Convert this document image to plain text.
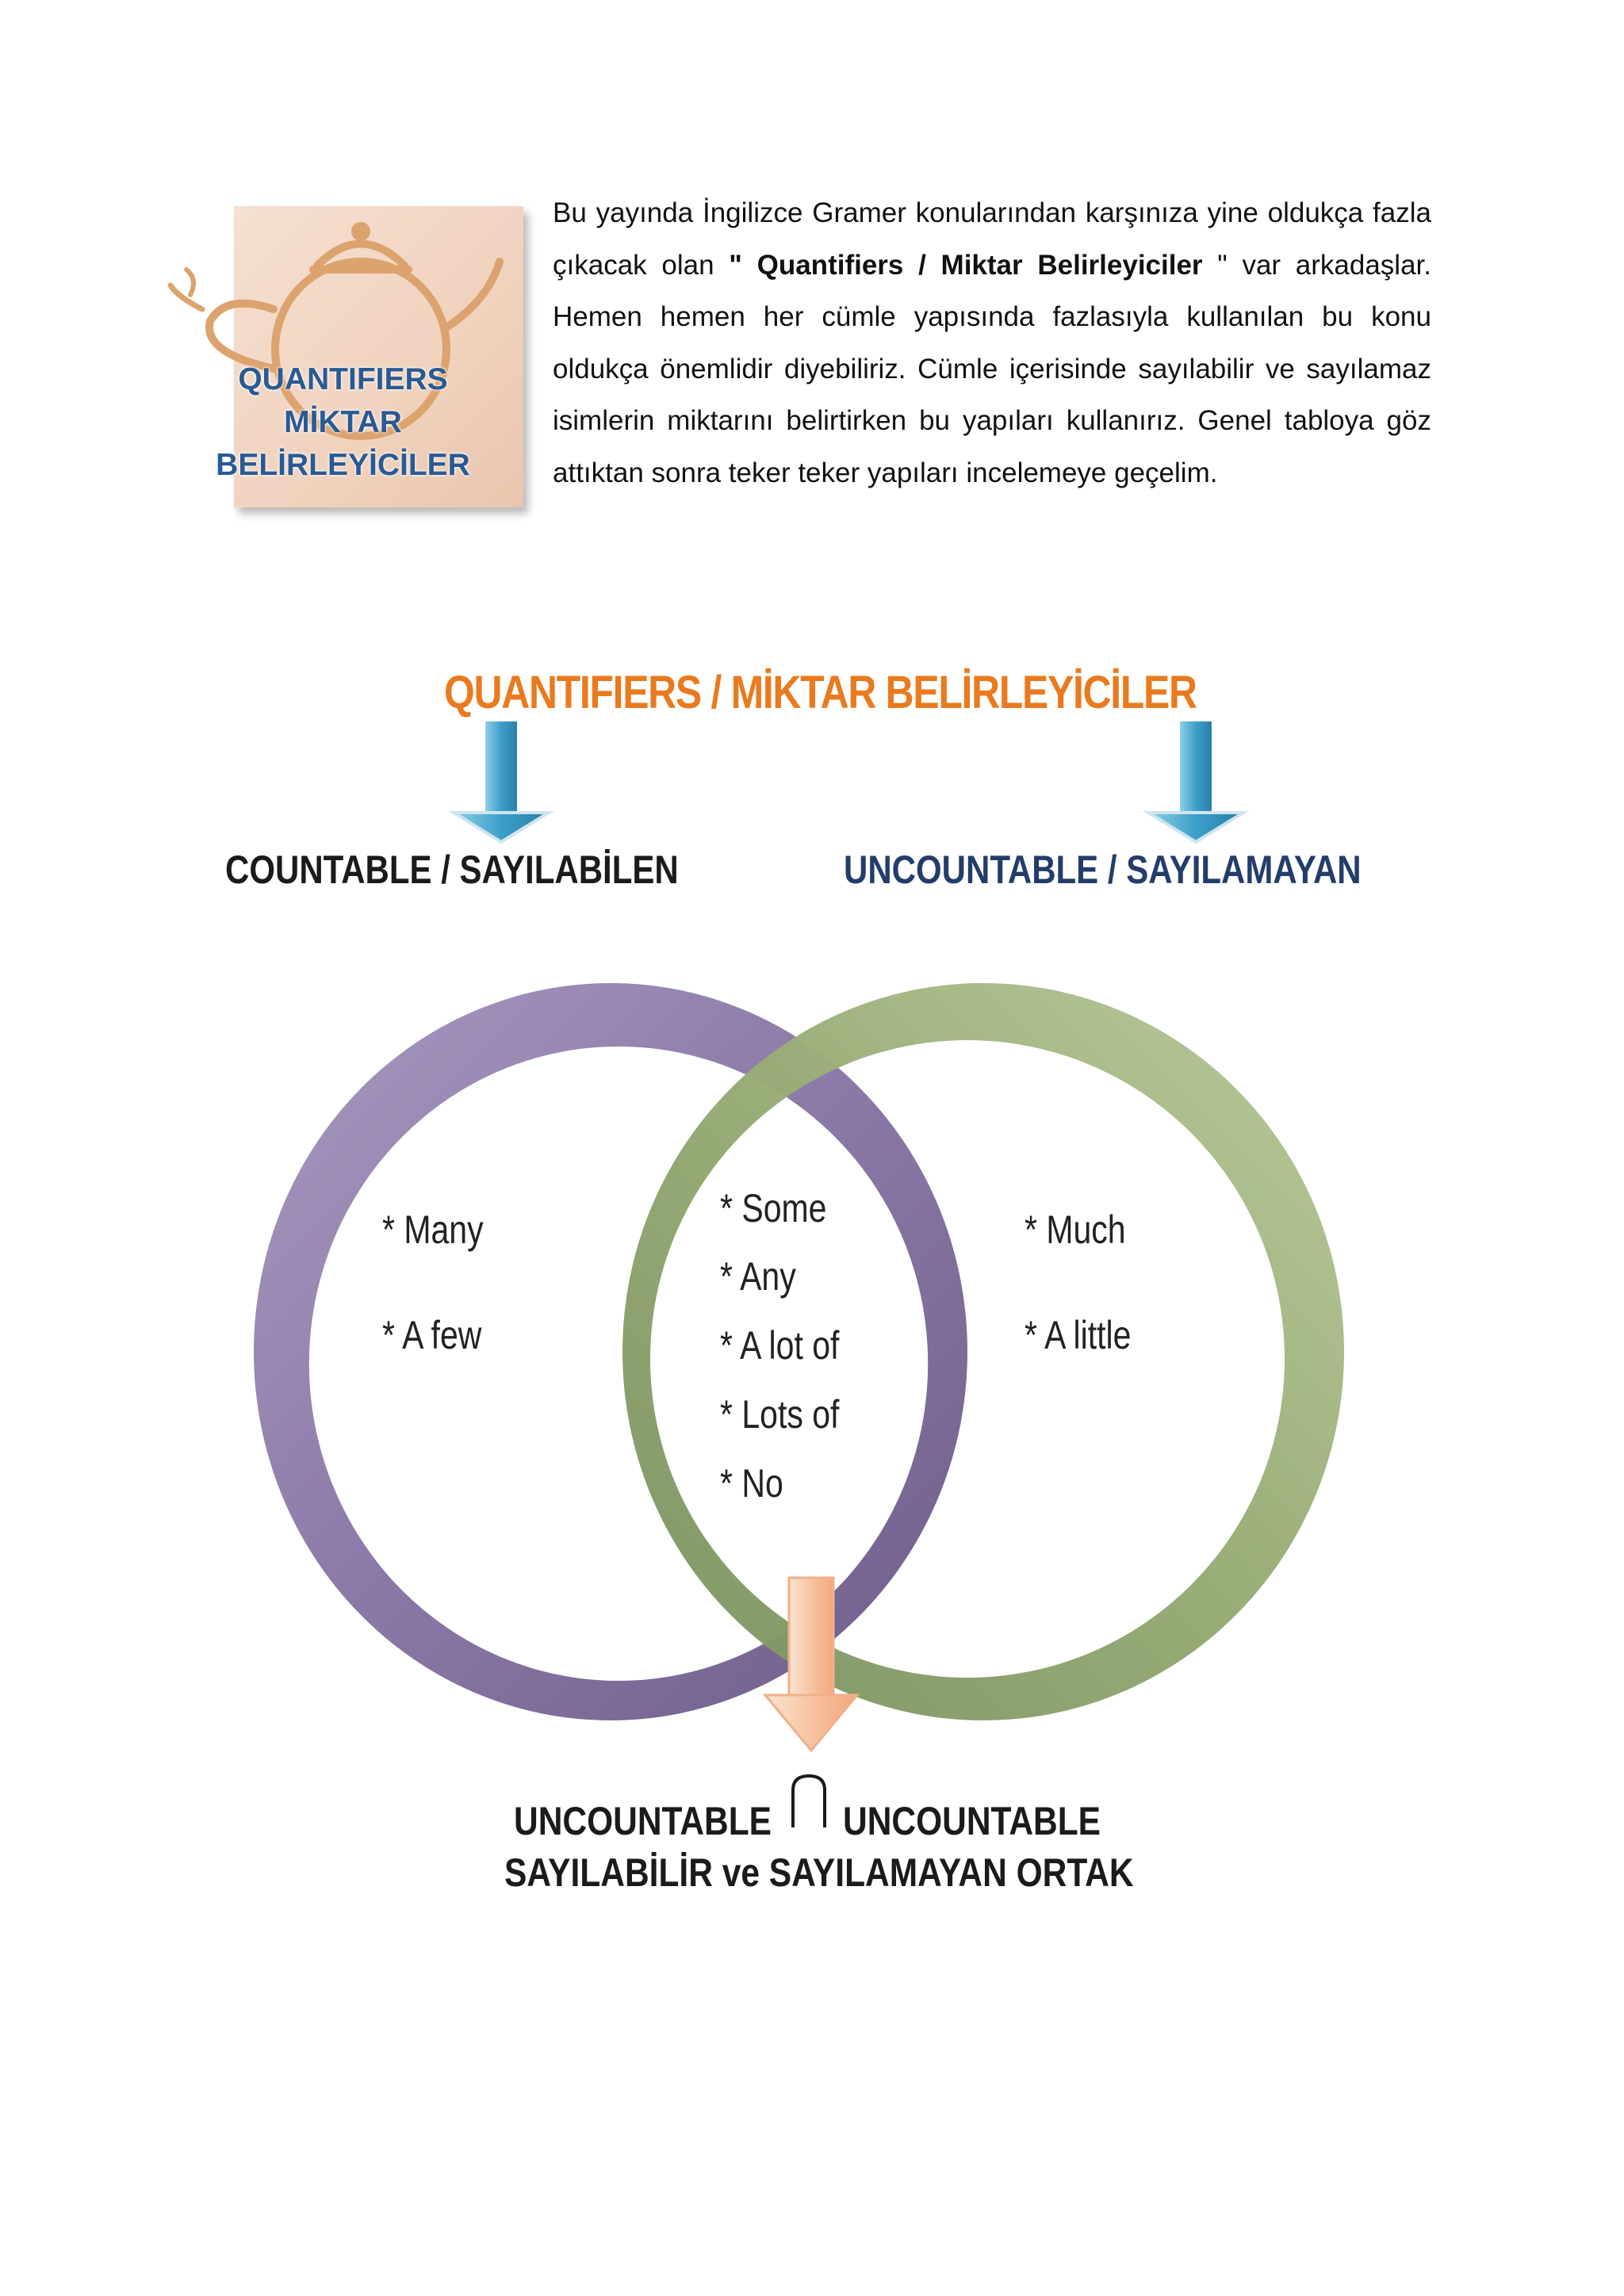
QUANTIFIERS
MİKTAR
BELİRLEYİCİLER

Bu yayında İngilizce Gramer konularından karşınıza yine oldukça fazla çıkacak olan " Quantifiers / Miktar Belirleyiciler " var arkadaşlar. Hemen hemen her cümle yapısında fazlasıyla kullanılan bu konu oldukça önemlidir diyebiliriz. Cümle içerisinde sayılabilir ve sayılamaz isimlerin miktarını belirtirken bu yapıları kullanırız. Genel tabloya göz attıktan sonra teker teker yapıları incelemeye geçelim.

QUANTIFIERS / MİKTAR BELİRLEYİCİLER
COUNTABLE / SAYILABİLEN	UNCOUNTABLE / SAYILAMAYAN
* Many
* A few
* Some
* Any
* A lot of
* Lots of
* No
* Much
* A little
UNCOUNTABLE UNCOUNTABLE
SAYILABİLİR ve SAYILAMAYAN ORTAK
